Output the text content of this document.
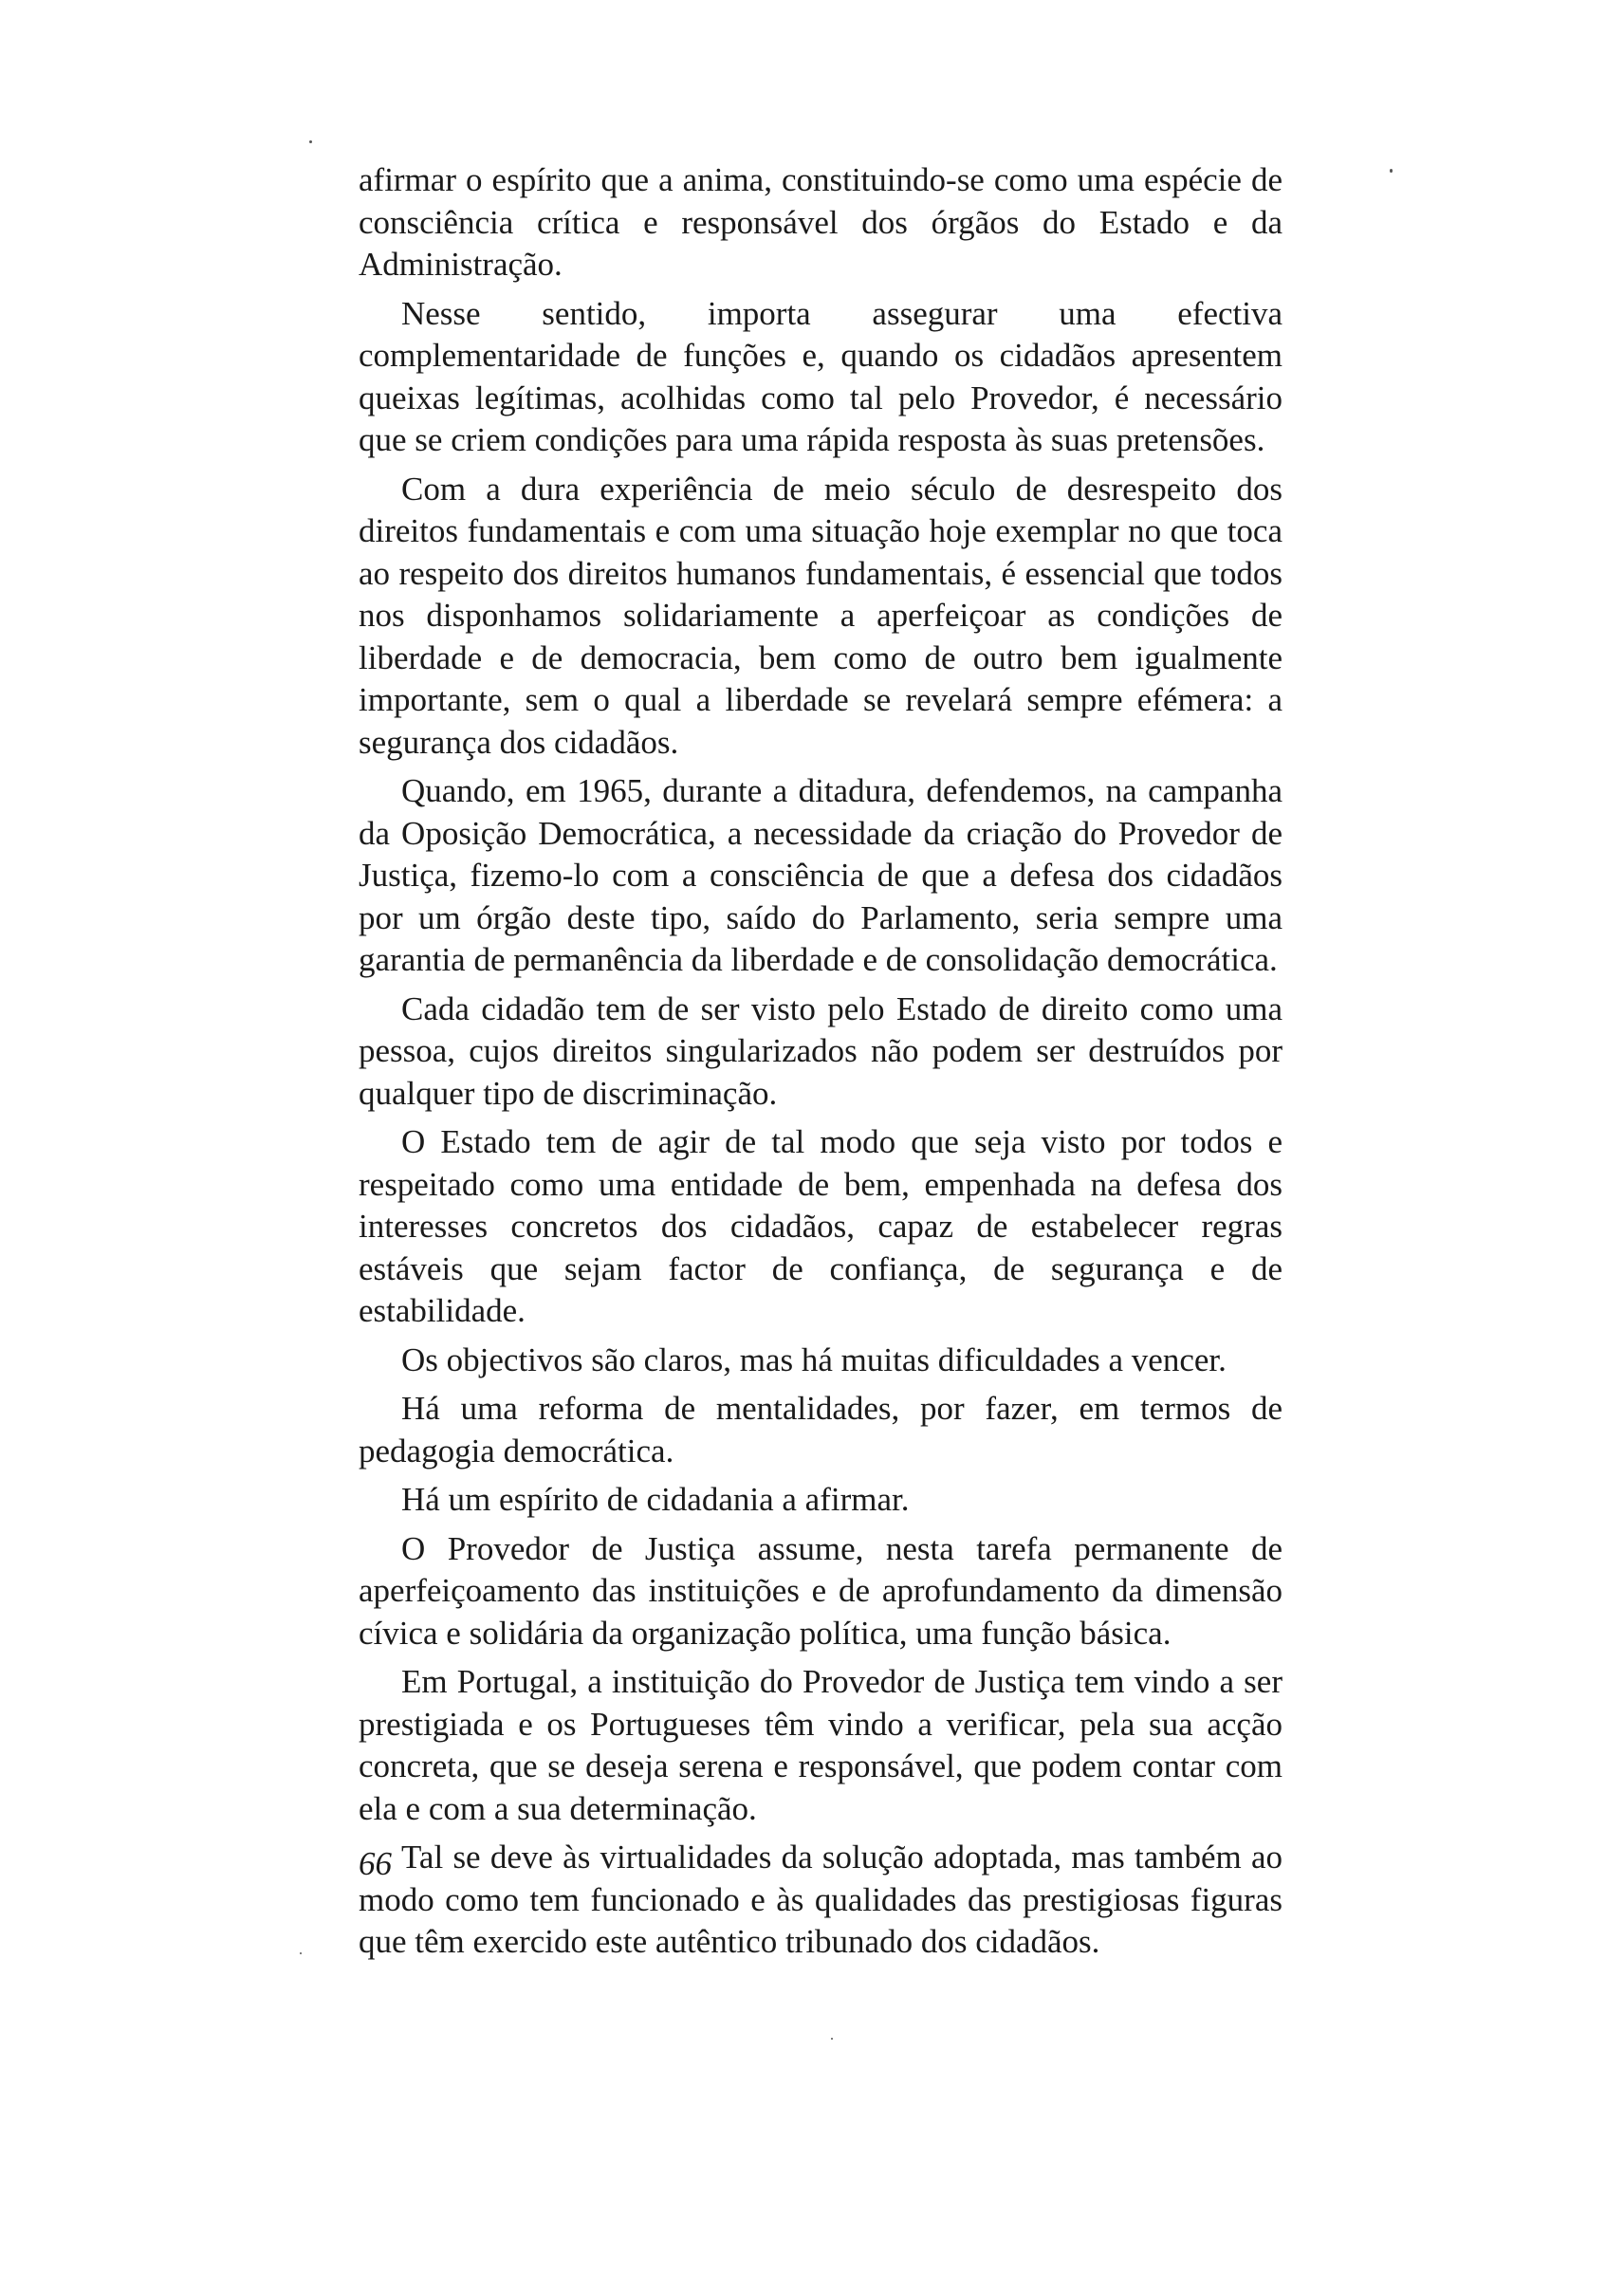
afirmar o espírito que a anima, constituindo-se como uma espécie de consciência crítica e responsável dos órgãos do Estado e da Administração.

Nesse sentido, importa assegurar uma efectiva complementaridade de funções e, quando os cidadãos apresentem queixas legítimas, acolhidas como tal pelo Provedor, é necessário que se criem condições para uma rápida resposta às suas pretensões.

Com a dura experiência de meio século de desrespeito dos direitos fundamentais e com uma situação hoje exemplar no que toca ao respeito dos direitos humanos fundamentais, é essencial que todos nos disponhamos solidariamente a aperfeiçoar as condições de liberdade e de democracia, bem como de outro bem igualmente importante, sem o qual a liberdade se revelará sempre efémera: a segurança dos cidadãos.

Quando, em 1965, durante a ditadura, defendemos, na campanha da Oposição Democrática, a necessidade da criação do Provedor de Justiça, fizemo-lo com a consciência de que a defesa dos cidadãos por um órgão deste tipo, saído do Parlamento, seria sempre uma garantia de permanência da liberdade e de consolidação democrática.

Cada cidadão tem de ser visto pelo Estado de direito como uma pessoa, cujos direitos singularizados não podem ser destruídos por qualquer tipo de discriminação.

O Estado tem de agir de tal modo que seja visto por todos e respeitado como uma entidade de bem, empenhada na defesa dos interesses concretos dos cidadãos, capaz de estabelecer regras estáveis que sejam factor de confiança, de segurança e de estabilidade.

Os objectivos são claros, mas há muitas dificuldades a vencer.

Há uma reforma de mentalidades, por fazer, em termos de pedagogia democrática.

Há um espírito de cidadania a afirmar.

O Provedor de Justiça assume, nesta tarefa permanente de aperfeiçoamento das instituições e de aprofundamento da dimensão cívica e solidária da organização política, uma função básica.

Em Portugal, a instituição do Provedor de Justiça tem vindo a ser prestigiada e os Portugueses têm vindo a verificar, pela sua acção concreta, que se deseja serena e responsável, que podem contar com ela e com a sua determinação.

Tal se deve às virtualidades da solução adoptada, mas também ao modo como tem funcionado e às qualidades das prestigiosas figuras que têm exercido este autêntico tribunado dos cidadãos.

66
